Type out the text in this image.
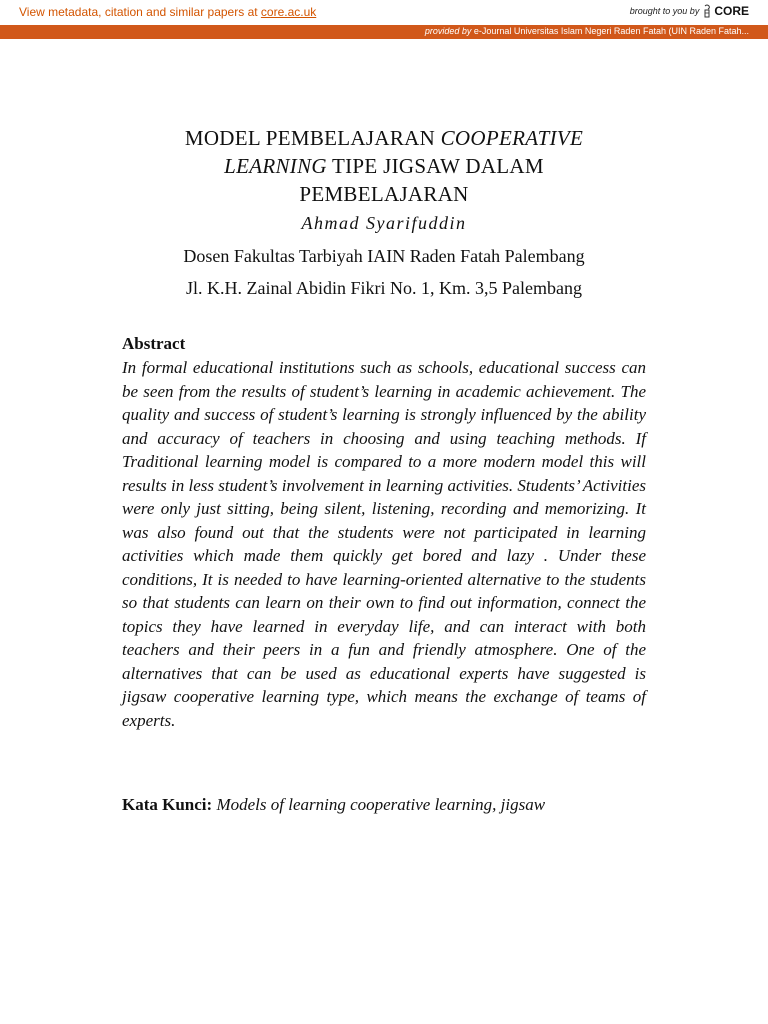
View metadata, citation and similar papers at core.ac.uk	brought to you by CORE
provided by e-Journal Universitas Islam Negeri Raden Fatah (UIN Raden Fatah...
MODEL PEMBELAJARAN COOPERATIVE
LEARNING TIPE JIGSAW DALAM PEMBELAJARAN
Ahmad Syarifuddin
Dosen Fakultas Tarbiyah IAIN Raden Fatah Palembang
Jl. K.H. Zainal Abidin Fikri No. 1, Km. 3,5 Palembang
Abstract

In formal educational institutions such as schools, educational success can be seen from the results of student’s learning in academic achievement. The quality and success of student’s learning is strongly influenced by the ability and accuracy of teachers in choosing and using teaching methods. If Traditional learning model is compared to a more modern model this will results in less student’s involvement in learning activities. Students’ Activities were only just sitting, being silent, listening, recording and memorizing. It was also found out that the students were not participated in learning activities which made them quickly get bored and lazy . Under these conditions, It is needed to have learning-oriented alternative to the students so that students can learn on their own to find out information, connect the topics they have learned in everyday life, and can interact with both teachers and their peers in a fun and friendly atmosphere. One of the alternatives that can be used as educational experts have suggested is jigsaw cooperative learning type, which means the exchange of teams of experts.

Kata Kunci: Models of learning cooperative learning, jigsaw
